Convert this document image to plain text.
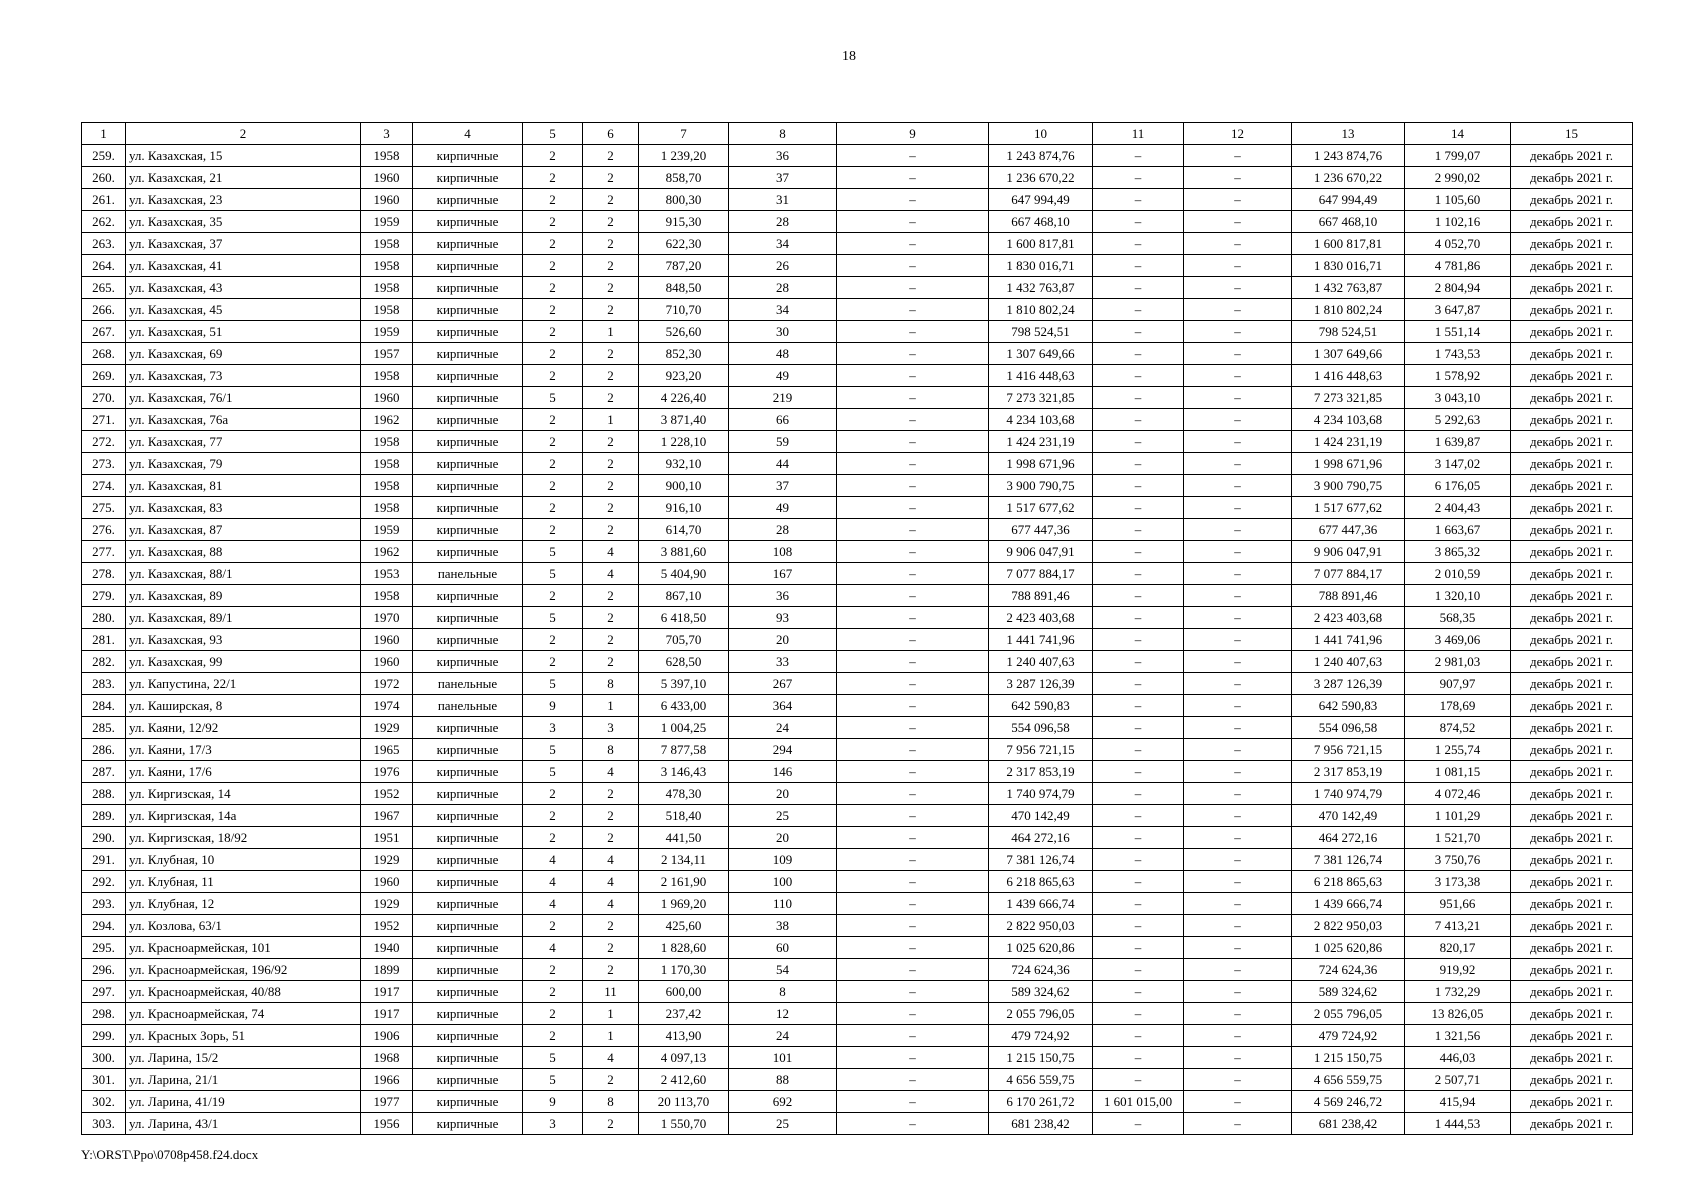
18
1	2	3	4	5	6	7	8	9	10	11	12	13	14	15
259.	ул. Казахская, 15	1958	кирпичные	2	2	1 239,20	36	–	1 243 874,76	–	–	1 243 874,76	1 799,07	декабрь 2021 г.
260.	ул. Казахская, 21	1960	кирпичные	2	2	858,70	37	–	1 236 670,22	–	–	1 236 670,22	2 990,02	декабрь 2021 г.
261.	ул. Казахская, 23	1960	кирпичные	2	2	800,30	31	–	647 994,49	–	–	647 994,49	1 105,60	декабрь 2021 г.
262.	ул. Казахская, 35	1959	кирпичные	2	2	915,30	28	–	667 468,10	–	–	667 468,10	1 102,16	декабрь 2021 г.
263.	ул. Казахская, 37	1958	кирпичные	2	2	622,30	34	–	1 600 817,81	–	–	1 600 817,81	4 052,70	декабрь 2021 г.
264.	ул. Казахская, 41	1958	кирпичные	2	2	787,20	26	–	1 830 016,71	–	–	1 830 016,71	4 781,86	декабрь 2021 г.
265.	ул. Казахская, 43	1958	кирпичные	2	2	848,50	28	–	1 432 763,87	–	–	1 432 763,87	2 804,94	декабрь 2021 г.
266.	ул. Казахская, 45	1958	кирпичные	2	2	710,70	34	–	1 810 802,24	–	–	1 810 802,24	3 647,87	декабрь 2021 г.
267.	ул. Казахская, 51	1959	кирпичные	2	1	526,60	30	–	798 524,51	–	–	798 524,51	1 551,14	декабрь 2021 г.
268.	ул. Казахская, 69	1957	кирпичные	2	2	852,30	48	–	1 307 649,66	–	–	1 307 649,66	1 743,53	декабрь 2021 г.
269.	ул. Казахская, 73	1958	кирпичные	2	2	923,20	49	–	1 416 448,63	–	–	1 416 448,63	1 578,92	декабрь 2021 г.
270.	ул. Казахская, 76/1	1960	кирпичные	5	2	4 226,40	219	–	7 273 321,85	–	–	7 273 321,85	3 043,10	декабрь 2021 г.
271.	ул. Казахская, 76а	1962	кирпичные	2	1	3 871,40	66	–	4 234 103,68	–	–	4 234 103,68	5 292,63	декабрь 2021 г.
272.	ул. Казахская, 77	1958	кирпичные	2	2	1 228,10	59	–	1 424 231,19	–	–	1 424 231,19	1 639,87	декабрь 2021 г.
273.	ул. Казахская, 79	1958	кирпичные	2	2	932,10	44	–	1 998 671,96	–	–	1 998 671,96	3 147,02	декабрь 2021 г.
274.	ул. Казахская, 81	1958	кирпичные	2	2	900,10	37	–	3 900 790,75	–	–	3 900 790,75	6 176,05	декабрь 2021 г.
275.	ул. Казахская, 83	1958	кирпичные	2	2	916,10	49	–	1 517 677,62	–	–	1 517 677,62	2 404,43	декабрь 2021 г.
276.	ул. Казахская, 87	1959	кирпичные	2	2	614,70	28	–	677 447,36	–	–	677 447,36	1 663,67	декабрь 2021 г.
277.	ул. Казахская, 88	1962	кирпичные	5	4	3 881,60	108	–	9 906 047,91	–	–	9 906 047,91	3 865,32	декабрь 2021 г.
278.	ул. Казахская, 88/1	1953	панельные	5	4	5 404,90	167	–	7 077 884,17	–	–	7 077 884,17	2 010,59	декабрь 2021 г.
279.	ул. Казахская, 89	1958	кирпичные	2	2	867,10	36	–	788 891,46	–	–	788 891,46	1 320,10	декабрь 2021 г.
280.	ул. Казахская, 89/1	1970	кирпичные	5	2	6 418,50	93	–	2 423 403,68	–	–	2 423 403,68	568,35	декабрь 2021 г.
281.	ул. Казахская, 93	1960	кирпичные	2	2	705,70	20	–	1 441 741,96	–	–	1 441 741,96	3 469,06	декабрь 2021 г.
282.	ул. Казахская, 99	1960	кирпичные	2	2	628,50	33	–	1 240 407,63	–	–	1 240 407,63	2 981,03	декабрь 2021 г.
283.	ул. Капустина, 22/1	1972	панельные	5	8	5 397,10	267	–	3 287 126,39	–	–	3 287 126,39	907,97	декабрь 2021 г.
284.	ул. Каширская, 8	1974	панельные	9	1	6 433,00	364	–	642 590,83	–	–	642 590,83	178,69	декабрь 2021 г.
285.	ул. Каяни, 12/92	1929	кирпичные	3	3	1 004,25	24	–	554 096,58	–	–	554 096,58	874,52	декабрь 2021 г.
286.	ул. Каяни, 17/3	1965	кирпичные	5	8	7 877,58	294	–	7 956 721,15	–	–	7 956 721,15	1 255,74	декабрь 2021 г.
287.	ул. Каяни, 17/6	1976	кирпичные	5	4	3 146,43	146	–	2 317 853,19	–	–	2 317 853,19	1 081,15	декабрь 2021 г.
288.	ул. Киргизская, 14	1952	кирпичные	2	2	478,30	20	–	1 740 974,79	–	–	1 740 974,79	4 072,46	декабрь 2021 г.
289.	ул. Киргизская, 14а	1967	кирпичные	2	2	518,40	25	–	470 142,49	–	–	470 142,49	1 101,29	декабрь 2021 г.
290.	ул. Киргизская, 18/92	1951	кирпичные	2	2	441,50	20	–	464 272,16	–	–	464 272,16	1 521,70	декабрь 2021 г.
291.	ул. Клубная, 10	1929	кирпичные	4	4	2 134,11	109	–	7 381 126,74	–	–	7 381 126,74	3 750,76	декабрь 2021 г.
292.	ул. Клубная, 11	1960	кирпичные	4	4	2 161,90	100	–	6 218 865,63	–	–	6 218 865,63	3 173,38	декабрь 2021 г.
293.	ул. Клубная, 12	1929	кирпичные	4	4	1 969,20	110	–	1 439 666,74	–	–	1 439 666,74	951,66	декабрь 2021 г.
294.	ул. Козлова, 63/1	1952	кирпичные	2	2	425,60	38	–	2 822 950,03	–	–	2 822 950,03	7 413,21	декабрь 2021 г.
295.	ул. Красноармейская, 101	1940	кирпичные	4	2	1 828,60	60	–	1 025 620,86	–	–	1 025 620,86	820,17	декабрь 2021 г.
296.	ул. Красноармейская, 196/92	1899	кирпичные	2	2	1 170,30	54	–	724 624,36	–	–	724 624,36	919,92	декабрь 2021 г.
297.	ул. Красноармейская, 40/88	1917	кирпичные	2	11	600,00	8	–	589 324,62	–	–	589 324,62	1 732,29	декабрь 2021 г.
298.	ул. Красноармейская, 74	1917	кирпичные	2	1	237,42	12	–	2 055 796,05	–	–	2 055 796,05	13 826,05	декабрь 2021 г.
299.	ул. Красных Зорь, 51	1906	кирпичные	2	1	413,90	24	–	479 724,92	–	–	479 724,92	1 321,56	декабрь 2021 г.
300.	ул. Ларина, 15/2	1968	кирпичные	5	4	4 097,13	101	–	1 215 150,75	–	–	1 215 150,75	446,03	декабрь 2021 г.
301.	ул. Ларина, 21/1	1966	кирпичные	5	2	2 412,60	88	–	4 656 559,75	–	–	4 656 559,75	2 507,71	декабрь 2021 г.
302.	ул. Ларина, 41/19	1977	кирпичные	9	8	20 113,70	692	–	6 170 261,72	1 601 015,00	–	4 569 246,72	415,94	декабрь 2021 г.
303.	ул. Ларина, 43/1	1956	кирпичные	3	2	1 550,70	25	–	681 238,42	–	–	681 238,42	1 444,53	декабрь 2021 г.
Y:\ORST\Ppo\0708p458.f24.docx
